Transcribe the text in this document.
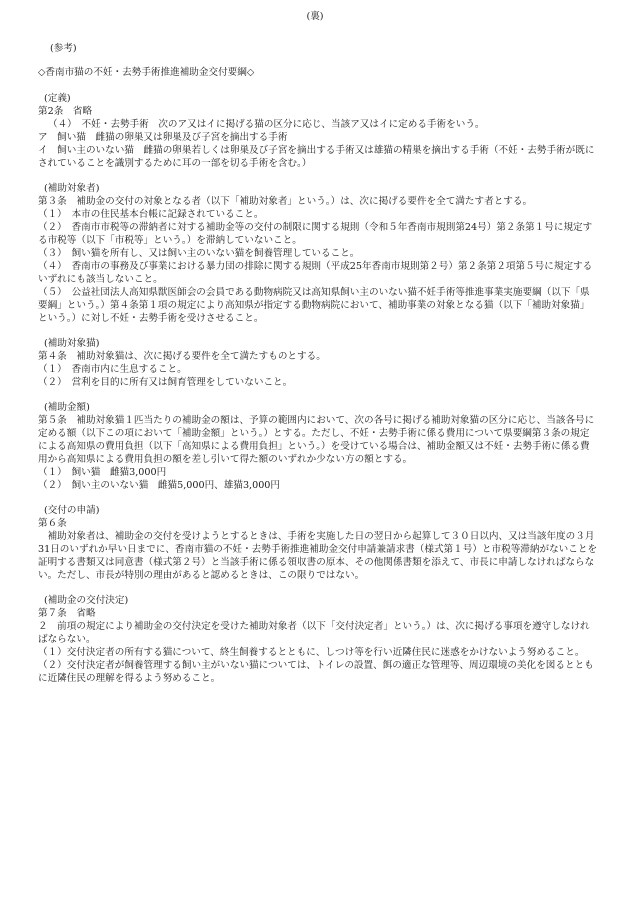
(裏)

(参考)

◇香南市猫の不妊・去勢手術推進補助金交付要綱◇

(定義)

第2条　省略

（４）　不妊・去勢手術　次のア又はイに掲げる猫の区分に応じ、当該ア又はイに定める手術をいう。

ア　飼い猫　雌猫の卵巣又は卵巣及び子宮を摘出する手術

イ　飼い主のいない猫　雌猫の卵巣若しくは卵巣及び子宮を摘出する手術又は雄猫の精巣を摘出する手術（不妊・去勢手術が既にされていることを識別するために耳の一部を切る手術を含む。）

(補助対象者)

第３条　補助金の交付の対象となる者（以下「補助対象者」という。）は、次に掲げる要件を全て満たす者とする。

（１）　本市の住民基本台帳に記録されていること。

（２）　香南市市税等の滞納者に対する補助金等の交付の制限に関する規則（令和５年香南市規則第24号）第２条第１号に規定する市税等（以下「市税等」という。）を滞納していないこと。

（３）　飼い猫を所有し、又は飼い主のいない猫を飼養管理していること。

（４）　香南市の事務及び事業における暴力団の排除に関する規則（平成25年香南市規則第２号）第２条第２項第５号に規定するいずれにも該当しないこと。

（５）　公益社団法人高知県獣医師会の会員である動物病院又は高知県飼い主のいない猫不妊手術等推進事業実施要綱（以下「県要綱」という。）第４条第１項の規定により高知県が指定する動物病院において、補助事業の対象となる猫（以下「補助対象猫」という。）に対し不妊・去勢手術を受けさせること。

(補助対象猫)

第４条　補助対象猫は、次に掲げる要件を全て満たすものとする。

（１）　香南市内に生息すること。

（２）　営利を目的に所有又は飼育管理をしていないこと。

(補助金額)

第５条　補助対象猫１匹当たりの補助金の額は、予算の範囲内において、次の各号に掲げる補助対象猫の区分に応じ、当該各号に定める額（以下この項において「補助金額」という。）とする。ただし、不妊・去勢手術に係る費用について県要綱第３条の規定による高知県の費用負担（以下「高知県による費用負担」という。）を受けている場合は、補助金額又は不妊・去勢手術に係る費用から高知県による費用負担の額を差し引いて得た額のいずれか少ない方の額とする。

（１）　飼い猫　雌猫3,000円

（２）　飼い主のいない猫　雌猫5,000円、雄猫3,000円

(交付の申請)

第６条

　補助対象者は、補助金の交付を受けようとするときは、手術を実施した日の翌日から起算して３０日以内、又は当該年度の３月31日のいずれか早い日までに、香南市猫の不妊・去勢手術推進補助金交付申請兼請求書（様式第１号）と市税等滞納がないことを証明する書類又は同意書（様式第２号）と当該手術に係る領収書の原本、その他関係書類を添えて、市長に申請しなければならない。ただし、市長が特別の理由があると認めるときは、この限りではない。

(補助金の交付決定)

第７条　省略

２　前項の規定により補助金の交付決定を受けた補助対象者（以下「交付決定者」という。）は、次に掲げる事項を遵守しなければならない。

（１）交付決定者の所有する猫について、終生飼養するとともに、しつけ等を行い近隣住民に迷惑をかけないよう努めること。

（２）交付決定者が飼養管理する飼い主がいない猫については、トイレの設置、餌の適正な管理等、周辺環境の美化を図るとともに近隣住民の理解を得るよう努めること。
